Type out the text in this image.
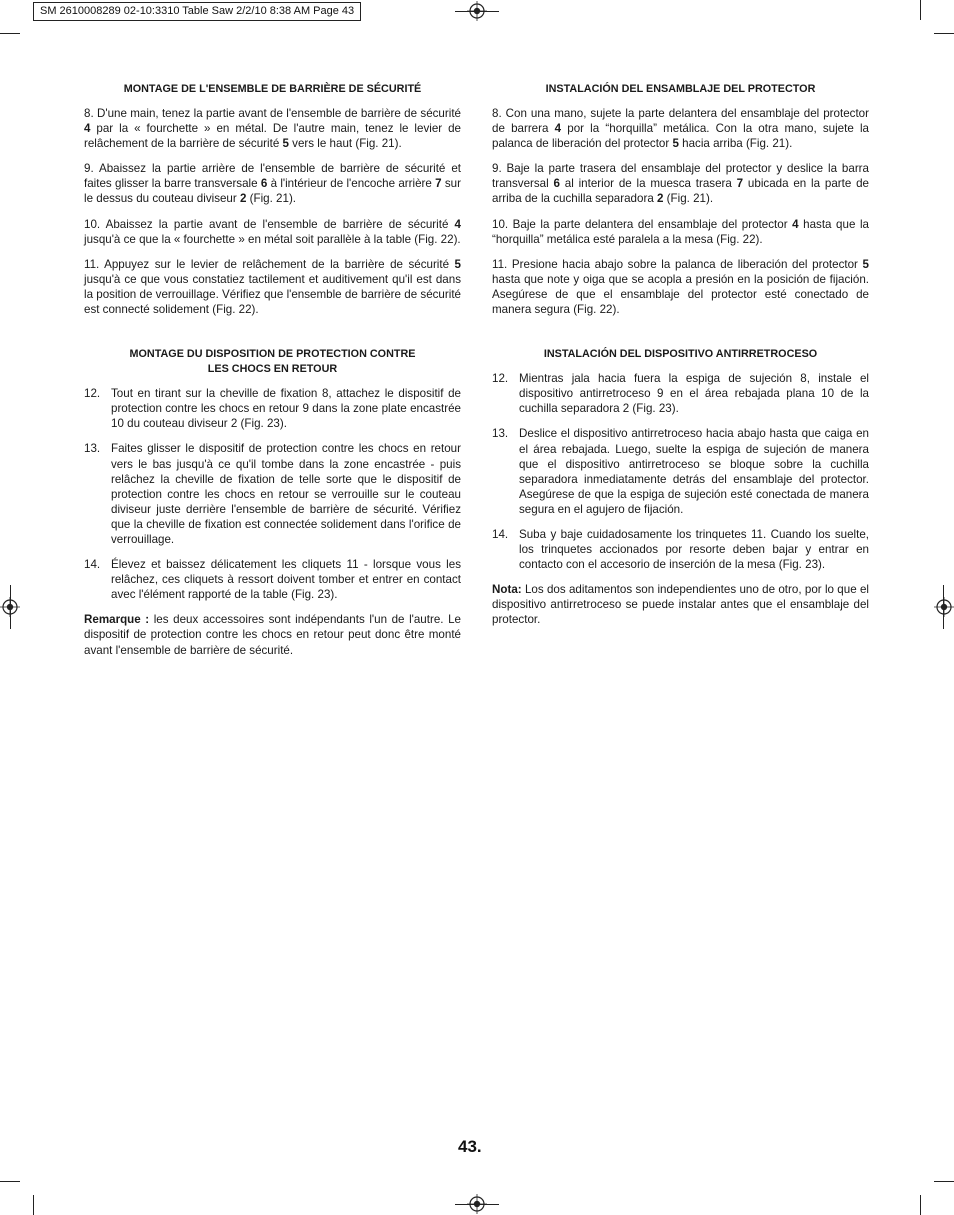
SM 2610008289 02-10:3310 Table Saw 2/2/10 8:38 AM Page 43
MONTAGE DE L'ENSEMBLE DE BARRIÈRE DE SÉCURITÉ

8. D'une main, tenez la partie avant de l'ensemble de barrière de sécurité 4 par la « fourchette » en métal. De l'autre main, tenez le levier de relâchement de la barrière de sécurité 5 vers le haut (Fig. 21).

9. Abaissez la partie arrière de l'ensemble de barrière de sécurité et faites glisser la barre transversale 6 à l'intérieur de l'encoche arrière 7 sur le dessus du couteau diviseur 2 (Fig. 21).

10. Abaissez la partie avant de l'ensemble de barrière de sécurité 4 jusqu'à ce que la « fourchette » en métal soit parallèle à la table (Fig. 22).

11. Appuyez sur le levier de relâchement de la barrière de sécurité 5 jusqu'à ce que vous constatiez tactilement et auditivement qu'il est dans la position de verrouillage. Vérifiez que l'ensemble de barrière de sécurité est connecté solidement (Fig. 22).

MONTAGE DU DISPOSITION DE PROTECTION CONTRE
LES CHOCS EN RETOUR
12. Tout en tirant sur la cheville de fixation 8, attachez le dispositif de protection contre les chocs en retour 9 dans la zone plate encastrée 10 du couteau diviseur 2 (Fig. 23).
13. Faites glisser le dispositif de protection contre les chocs en retour vers le bas jusqu'à ce qu'il tombe dans la zone encastrée - puis relâchez la cheville de fixation de telle sorte que le dispositif de protection contre les chocs en retour se verrouille sur le couteau diviseur juste derrière l'ensemble de barrière de sécurité. Vérifiez que la cheville de fixation est connectée solidement dans l'orifice de verrouillage.
14. Élevez et baissez délicatement les cliquets 11 - lorsque vous les relâchez, ces cliquets à ressort doivent tomber et entrer en contact avec l'élément rapporté de la table (Fig. 23).

Remarque : les deux accessoires sont indépendants l'un de l'autre. Le dispositif de protection contre les chocs en retour peut donc être monté avant l'ensemble de barrière de sécurité.

INSTALACIÓN DEL ENSAMBLAJE DEL PROTECTOR

8. Con una mano, sujete la parte delantera del ensamblaje del protector de barrera 4 por la “horquilla” metálica. Con la otra mano, sujete la palanca de liberación del protector 5 hacia arriba (Fig. 21).

9. Baje la parte trasera del ensamblaje del protector y deslice la barra transversal 6 al interior de la muesca trasera 7 ubicada en la parte de arriba de la cuchilla separadora 2 (Fig. 21).

10. Baje la parte delantera del ensamblaje del protector 4 hasta que la “horquilla” metálica esté paralela a la mesa (Fig. 22).

11. Presione hacia abajo sobre la palanca de liberación del protector 5 hasta que note y oiga que se acopla a presión en la posición de fijación. Asegúrese de que el ensamblaje del protector esté conectado de manera segura (Fig. 22).

INSTALACIÓN DEL DISPOSITIVO ANTIRRETROCESO
12. Mientras jala hacia fuera la espiga de sujeción 8, instale el dispositivo antirretroceso 9 en el área rebajada plana 10 de la cuchilla separadora 2 (Fig. 23).
13. Deslice el dispositivo antirretroceso hacia abajo hasta que caiga en el área rebajada. Luego, suelte la espiga de sujeción de manera que el dispositivo antirretroceso se bloque sobre la cuchilla separadora inmediatamente detrás del ensamblaje del protector. Asegúrese de que la espiga de sujeción esté conectada de manera segura en el agujero de fijación.
14. Suba y baje cuidadosamente los trinquetes 11. Cuando los suelte, los trinquetes accionados por resorte deben bajar y entrar en contacto con el accesorio de inserción de la mesa (Fig. 23).

Nota: Los dos aditamentos son independientes uno de otro, por lo que el dispositivo antirretroceso se puede instalar antes que el ensamblaje del protector.

43.
